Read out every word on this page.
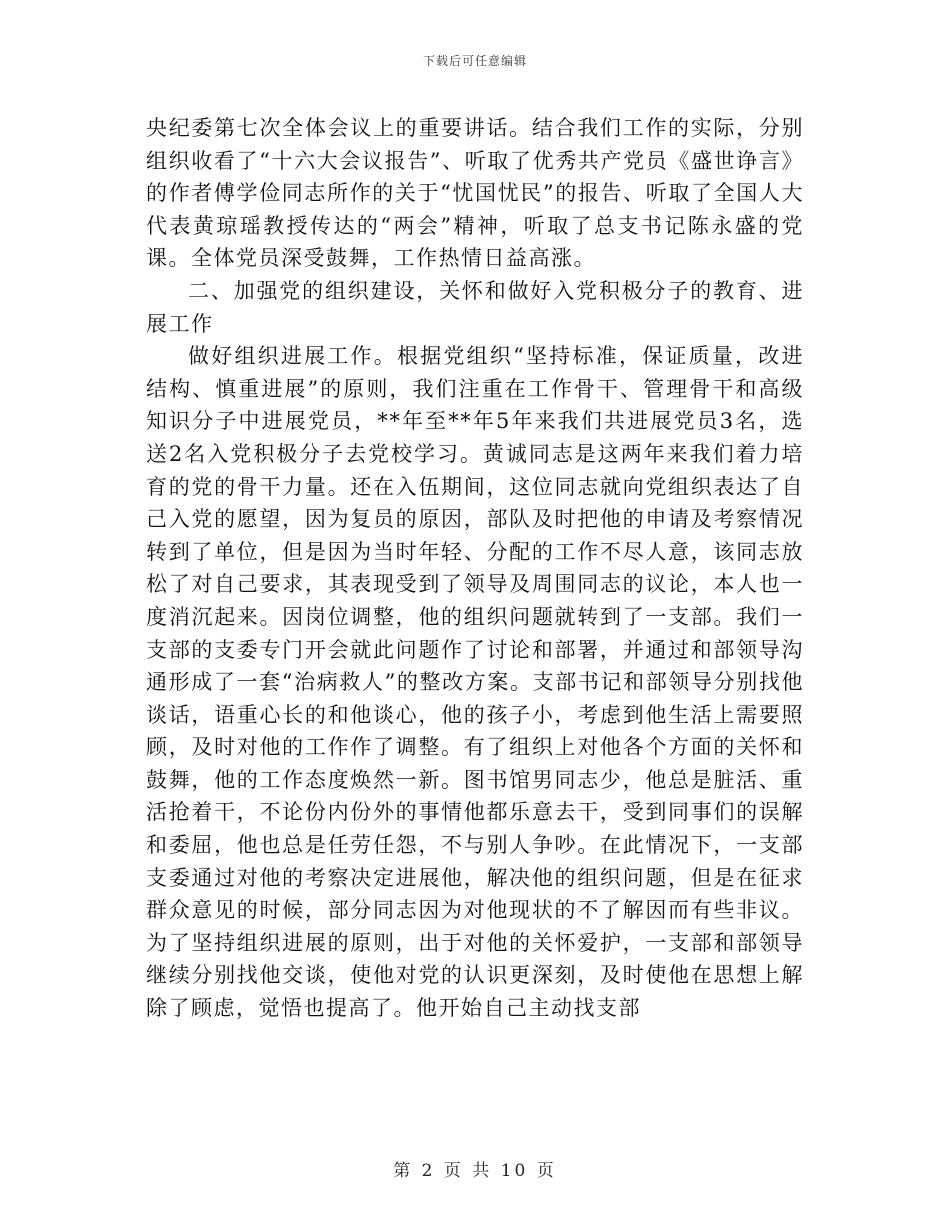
下载后可任意编辑

央纪委第七次全体会议上的重要讲话。结合我们工作的实际，分别组织收看了“十六大会议报告”、听取了优秀共产党员《盛世诤言》的作者傅学俭同志所作的关于“忧国忧民”的报告、听取了全国人大代表黄琼瑶教授传达的“两会”精神，听取了总支书记陈永盛的党课。全体党员深受鼓舞，工作热情日益高涨。

二、加强党的组织建设，关怀和做好入党积极分子的教育、进展工作

做好组织进展工作。根据党组织“坚持标准，保证质量，改进结构、慎重进展”的原则，我们注重在工作骨干、管理骨干和高级知识分子中进展党员，**年至**年5年来我们共进展党员3名，选送2名入党积极分子去党校学习。黄诚同志是这两年来我们着力培育的党的骨干力量。还在入伍期间，这位同志就向党组织表达了自己入党的愿望，因为复员的原因，部队及时把他的申请及考察情况转到了单位，但是因为当时年轻、分配的工作不尽人意，该同志放松了对自己要求，其表现受到了领导及周围同志的议论，本人也一度消沉起来。因岗位调整，他的组织问题就转到了一支部。我们一支部的支委专门开会就此问题作了讨论和部署，并通过和部领导沟通形成了一套“治病救人”的整改方案。支部书记和部领导分别找他谈话，语重心长的和他谈心，他的孩子小，考虑到他生活上需要照顾，及时对他的工作作了调整。有了组织上对他各个方面的关怀和鼓舞，他的工作态度焕然一新。图书馆男同志少，他总是脏活、重活抢着干，不论份内份外的事情他都乐意去干，受到同事们的误解和委屈，他也总是任劳任怨，不与别人争吵。在此情况下，一支部支委通过对他的考察决定进展他，解决他的组织问题，但是在征求群众意见的时候，部分同志因为对他现状的不了解因而有些非议。为了坚持组织进展的原则，出于对他的关怀爱护，一支部和部领导继续分别找他交谈，使他对党的认识更深刻，及时使他在思想上解除了顾虑，觉悟也提高了。他开始自己主动找支部

第 2 页 共 10 页
